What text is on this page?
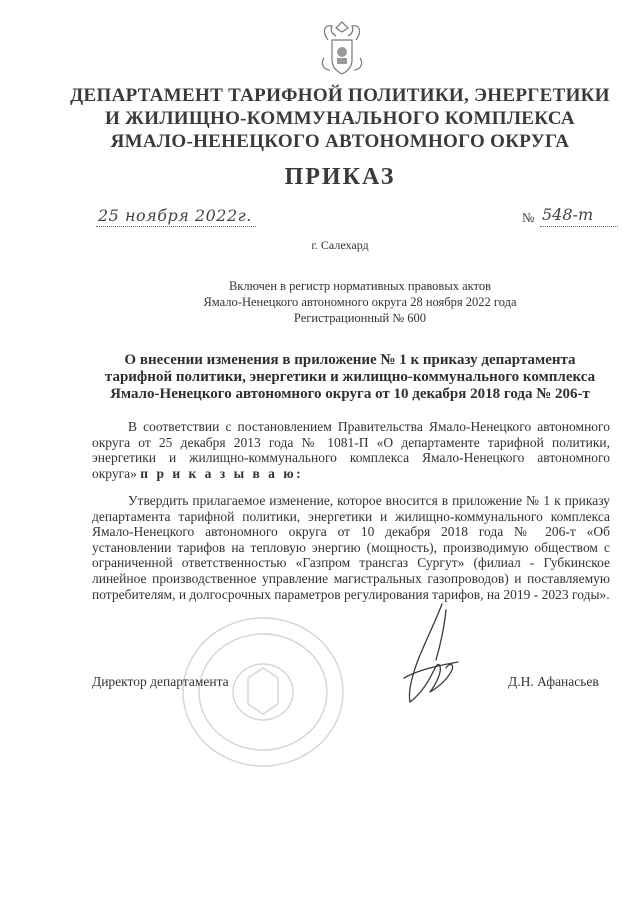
ДЕПАРТАМЕНТ ТАРИФНОЙ ПОЛИТИКИ, ЭНЕРГЕТИКИ
И ЖИЛИЩНО-КОММУНАЛЬНОГО КОМПЛЕКСА
ЯМАЛО-НЕНЕЦКОГО АВТОНОМНОГО ОКРУГА
ПРИКАЗ
25 ноября 2022г.	№ 548-т
г. Салехард
Включен в регистр нормативных правовых актов
Ямало-Ненецкого автономного округа 28 ноября 2022 года
Регистрационный № 600
О внесении изменения в приложение № 1 к приказу департамента
тарифной политики, энергетики и жилищно-коммунального комплекса
Ямало-Ненецкого автономного округа от 10 декабря 2018 года № 206-т
В соответствии с постановлением Правительства Ямало-Ненецкого автономного округа от 25 декабря 2013 года № 1081-П «О департаменте тарифной политики, энергетики и жилищно-коммунального комплекса Ямало-Ненецкого автономного округа» п р и к а з ы в а ю:
Утвердить прилагаемое изменение, которое вносится в приложение № 1 к приказу департамента тарифной политики, энергетики и жилищно-коммунального комплекса Ямало-Ненецкого автономного округа от 10 декабря 2018 года № 206-т «Об установлении тарифов на тепловую энергию (мощность), производимую обществом с ограниченной ответственностью «Газпром трансгаз Сургут» (филиал - Губкинское линейное производственное управление магистральных газопроводов) и поставляемую потребителям, и долгосрочных параметров регулирования тарифов, на 2019 - 2023 годы».
Директор департамента	Д.Н. Афанасьев
